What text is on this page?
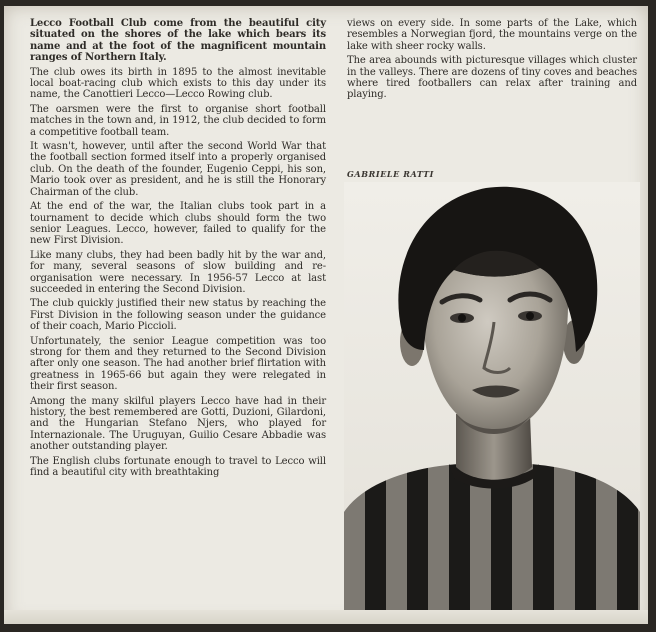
Lecco Football Club come from the beautiful city situated on the shores of the lake which bears its name and at the foot of the magnificent mountain ranges of Northern Italy.

The club owes its birth in 1895 to the almost inevitable local boat-racing club which exists to this day under its name, the Canottieri Lecco—Lecco Rowing club.

The oarsmen were the first to organise short football matches in the town and, in 1912, the club decided to form a competitive football team.

It wasn't, however, until after the second World War that the football section formed itself into a properly organised club. On the death of the founder, Eugenio Ceppi, his son, Mario took over as president, and he is still the Honorary Chairman of the club.

At the end of the war, the Italian clubs took part in a tournament to decide which clubs should form the two senior Leagues. Lecco, however, failed to qualify for the new First Division.

Like many clubs, they had been badly hit by the war and, for many, several seasons of slow building and re-organisation were necessary. In 1956-57 Lecco at last succeeded in entering the Second Division.

The club quickly justified their new status by reaching the First Division in the following season under the guidance of their coach, Mario Piccioli.

Unfortunately, the senior League competition was too strong for them and they returned to the Second Division after only one season. The had another brief flirtation with greatness in 1965-66 but again they were relegated in their first season.

Among the many skilful players Lecco have had in their history, the best remembered are Gotti, Duzioni, Gilardoni, and the Hungarian Stefano Njers, who played for Internazionale. The Uruguyan, Guilio Cesare Abbadie was another outstanding player.

The English clubs fortunate enough to travel to Lecco will find a beautiful city with breathtaking

views on every side. In some parts of the Lake, which resembles a Norwegian fjord, the mountains verge on the lake with sheer rocky walls.

The area abounds with picturesque villages which cluster in the valleys. There are dozens of tiny coves and beaches where tired footballers can relax after training and playing.

GABRIELE RATTI
